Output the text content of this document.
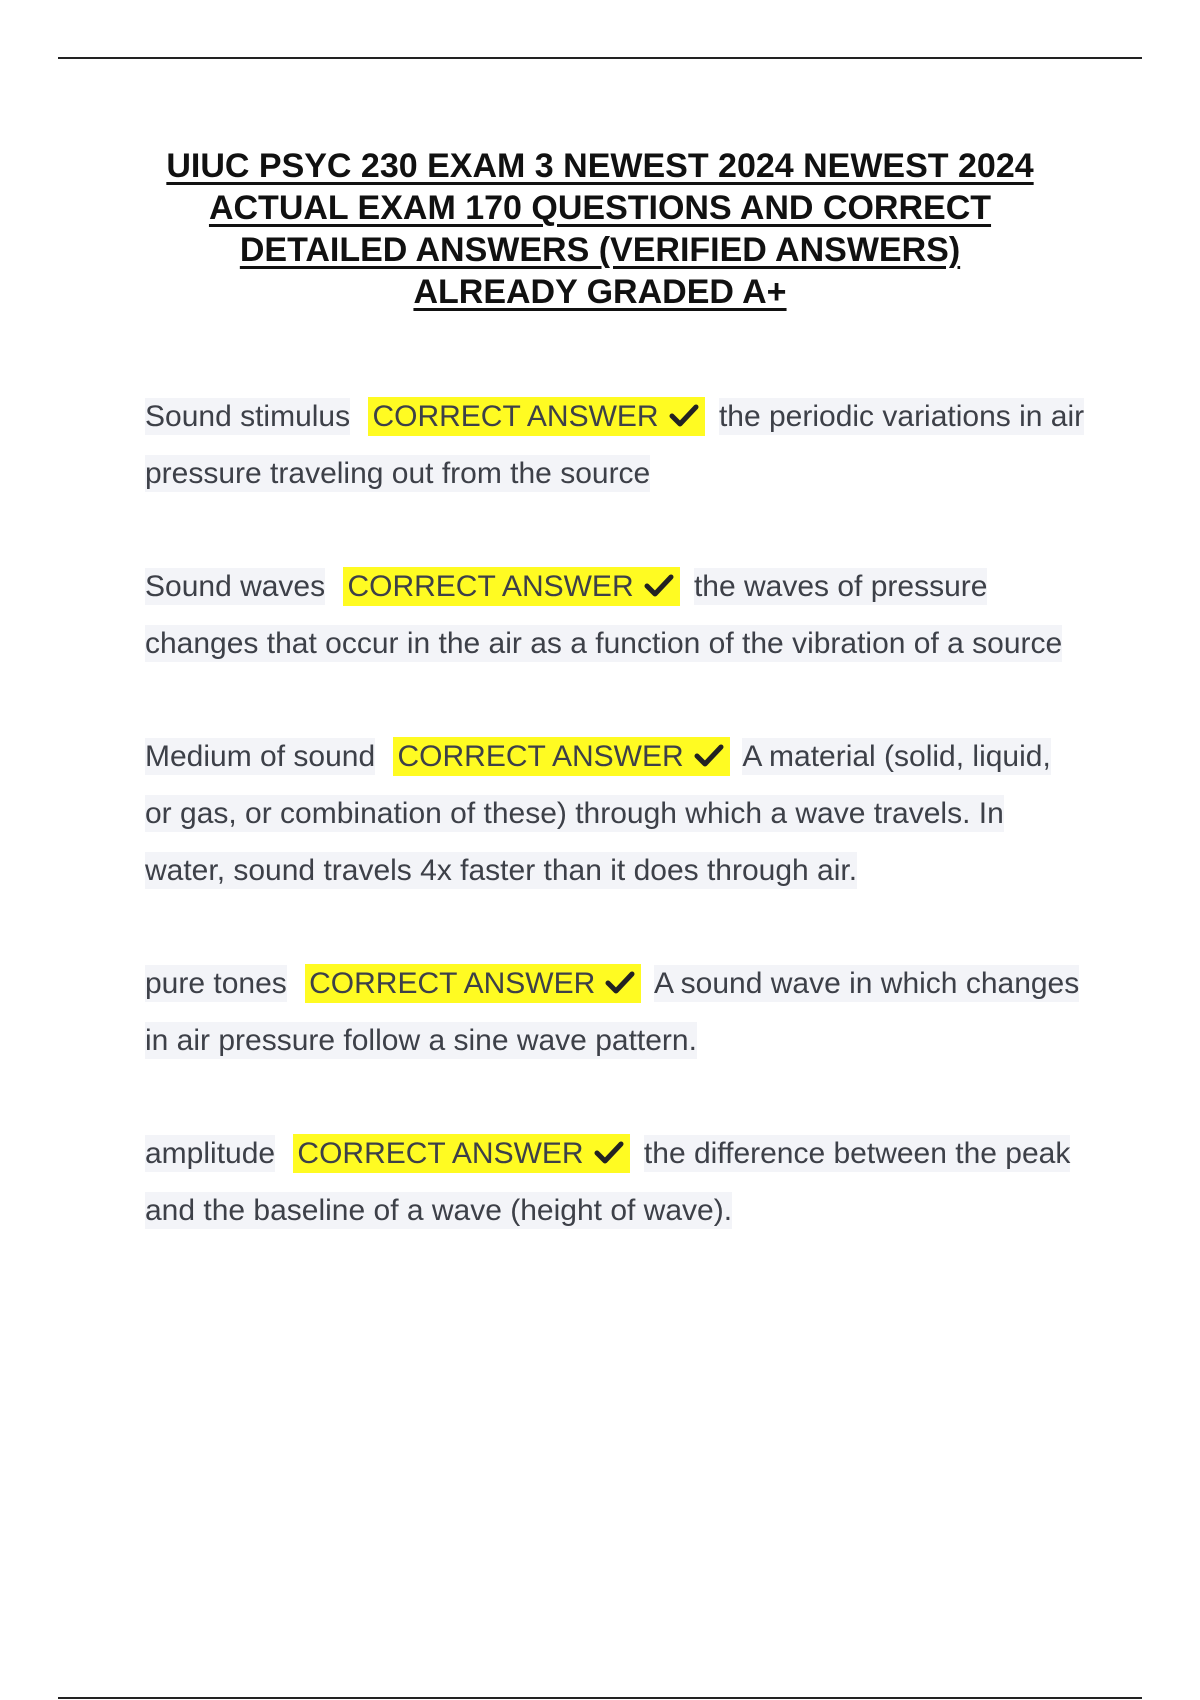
UIUC PSYC 230 EXAM 3 NEWEST 2024 NEWEST 2024
ACTUAL EXAM 170 QUESTIONS AND CORRECT
DETAILED ANSWERS (VERIFIED ANSWERS)
ALREADY GRADED A+

Sound stimulus CORRECT ANSWER the periodic variations in air pressure traveling out from the source

Sound waves CORRECT ANSWER the waves of pressure changes that occur in the air as a function of the vibration of a source

Medium of sound CORRECT ANSWER A material (solid, liquid, or gas, or combination of these) through which a wave travels. In water, sound travels 4x faster than it does through air.

pure tones CORRECT ANSWER A sound wave in which changes in air pressure follow a sine wave pattern.

amplitude CORRECT ANSWER the difference between the peak and the baseline of a wave (height of wave).
